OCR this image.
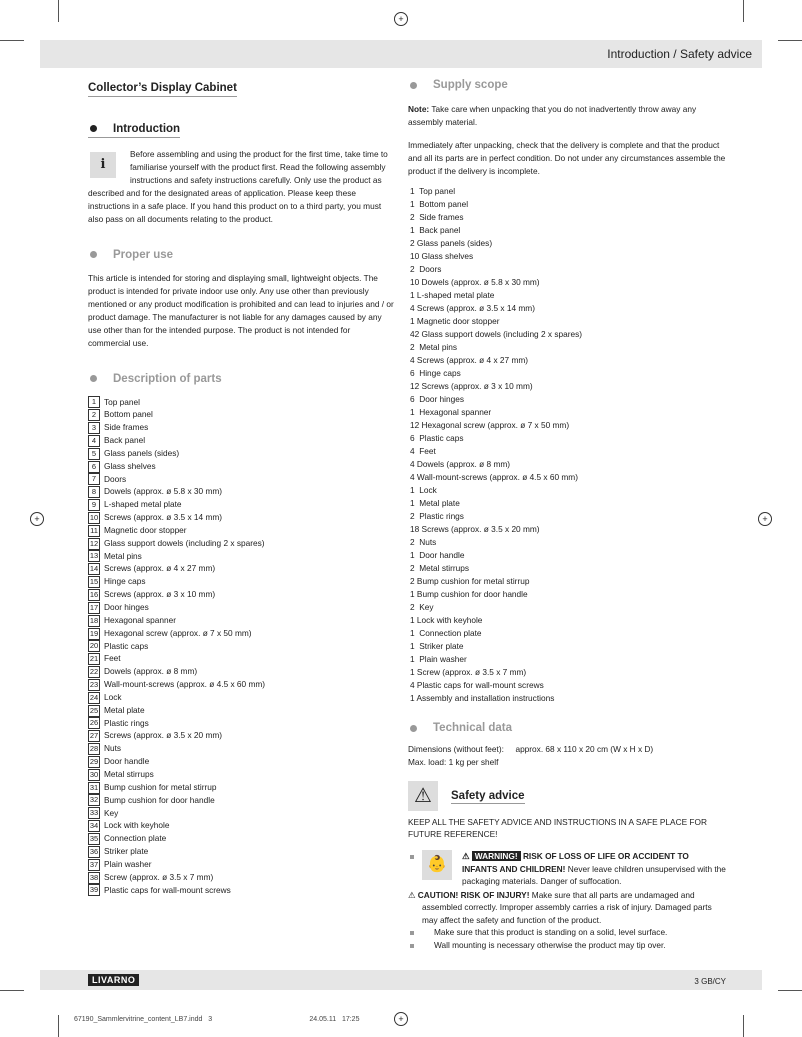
+
+	+
+
Introduction / Safety advice
Collector’s Display Cabinet
Introduction
i

Before assembling and using the product for the first time, take time to familiarise yourself with the product first. Read the following assembly instructions and safety instructions carefully. Only use the product as described and for the designated areas of application. Please keep these instructions in a safe place. If you hand this product on to a third party, you must also pass on all documents relating to the product.

Proper use

This article is intended for storing and displaying small, lightweight objects. The product is intended for private indoor use only. Any use other than previously mentioned or any product modification is prohibited and can lead to injuries and / or product damage. The manufacturer is not liable for any damages caused by any use other than for the intended purpose. The product is not intended for commercial use.

Description of parts
1 Top panel
2 Bottom panel
3 Side frames
4 Back panel
5 Glass panels (sides)
6 Glass shelves
7 Doors
8 Dowels (approx. ø 5.8 x 30 mm)
9 L-shaped metal plate
10 Screws (approx. ø 3.5 x 14 mm)
11 Magnetic door stopper
12 Glass support dowels (including 2 x spares)
13 Metal pins
14 Screws (approx. ø 4 x 27 mm)
15 Hinge caps
16 Screws (approx. ø 3 x 10 mm)
17 Door hinges
18 Hexagonal spanner
19 Hexagonal screw (approx. ø 7 x 50 mm)
20 Plastic caps
21 Feet
22 Dowels (approx. ø 8 mm)
23 Wall-mount-screws (approx. ø 4.5 x 60 mm)
24 Lock
25 Metal plate
26 Plastic rings
27 Screws (approx. ø 3.5 x 20 mm)
28 Nuts
29 Door handle
30 Metal stirrups
31 Bump cushion for metal stirrup
32 Bump cushion for door handle
33 Key
34 Lock with keyhole
35 Connection plate
36 Striker plate
37 Plain washer
38 Screw (approx. ø 3.5 x 7 mm)
39 Plastic caps for wall-mount screws
Supply scope

Note: Take care when unpacking that you do not inadvertently throw away any assembly material.

Immediately after unpacking, check that the delivery is complete and that the product and all its parts are in perfect condition. Do not under any circumstances assemble the product if the delivery is incomplete.

1  Top panel
1  Bottom panel
2  Side frames
1  Back panel
2 Glass panels (sides)
10 Glass shelves
2  Doors
10 Dowels (approx. ø 5.8 x 30 mm)
1 L-shaped metal plate
4 Screws (approx. ø 3.5 x 14 mm)
1 Magnetic door stopper
42 Glass support dowels (including 2 x spares)
2  Metal pins
4 Screws (approx. ø 4 x 27 mm)
6  Hinge caps
12 Screws (approx. ø 3 x 10 mm)
6  Door hinges
1  Hexagonal spanner
12 Hexagonal screw (approx. ø 7 x 50 mm)
6  Plastic caps
4  Feet
4 Dowels (approx. ø 8 mm)
4 Wall-mount-screws (approx. ø 4.5 x 60 mm)
1  Lock
1  Metal plate
2  Plastic rings
18 Screws (approx. ø 3.5 x 20 mm)
2  Nuts
1  Door handle
2  Metal stirrups
2 Bump cushion for metal stirrup
1 Bump cushion for door handle
2  Key
1 Lock with keyhole
1  Connection plate
1  Striker plate
1  Plain washer
1 Screw (approx. ø 3.5 x 7 mm)
4 Plastic caps for wall-mount screws
1 Assembly and installation instructions
Technical data

Dimensions (without feet): approx. 68 x 110 x 20 cm (W x H x D)

Max. load: 1 kg per shelf

⚠	Safety advice

KEEP ALL THE SAFETY ADVICE AND INSTRUCTIONS IN A SAFE PLACE FOR FUTURE REFERENCE!

👶	⚠ WARNING! RISK OF LOSS OF LIFE OR ACCIDENT TO INFANTS AND CHILDREN! Never leave children unsupervised with the packaging materials. Danger of suffocation.

⚠ CAUTION! RISK OF INJURY! Make sure that all parts are undamaged and assembled correctly. Improper assembly carries a risk of injury. Damaged parts may affect the safety and function of the product.

Make sure that this product is standing on a solid, level surface.

Wall mounting is necessary otherwise the product may tip over.

LIVARNO	3 GB/CY
67190_Sammlervitrine_content_LB7.indd   3                                                  24.05.11   17:25
